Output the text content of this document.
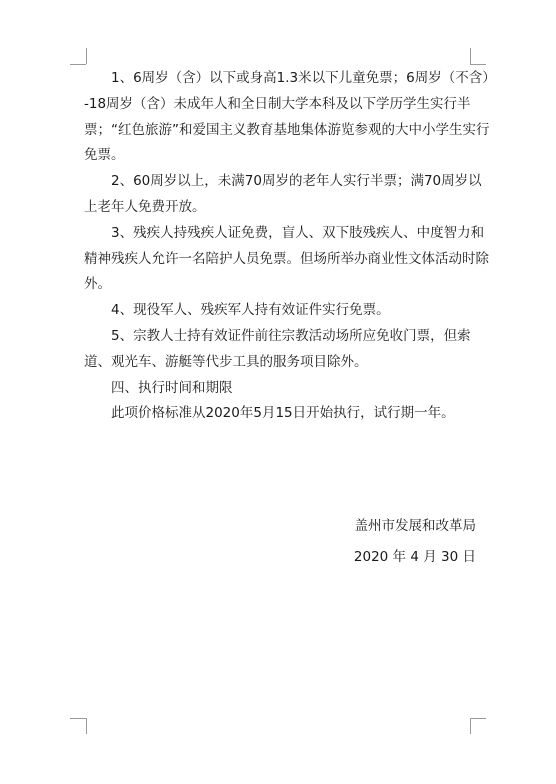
1、6周岁（含）以下或身高1.3米以下儿童免票；6周岁（不含）-18周岁（含）未成年人和全日制大学本科及以下学历学生实行半票；“红色旅游”和爱国主义教育基地集体游览参观的大中小学生实行免票。

2、60周岁以上，未满70周岁的老年人实行半票；满70周岁以上老年人免费开放。

3、残疾人持残疾人证免费，盲人、双下肢残疾人、中度智力和精神残疾人允许一名陪护人员免票。但场所举办商业性文体活动时除外。

4、现役军人、残疾军人持有效证件实行免票。

5、宗教人士持有效证件前往宗教活动场所应免收门票，但索道、观光车、游艇等代步工具的服务项目除外。

四、执行时间和期限

此项价格标准从2020年5月15日开始执行，试行期一年。

盖州市发展和改革局
2020 年 4 月 30 日
